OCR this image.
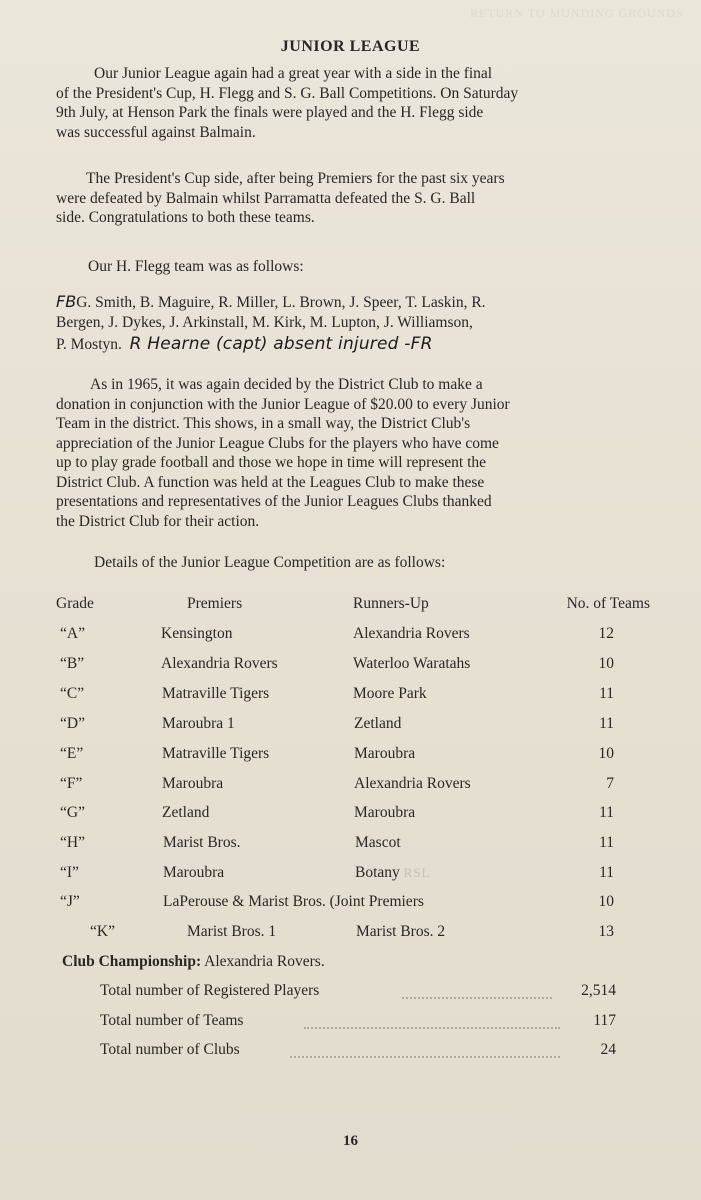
RETURN TO MUNDING GROUNDS
JUNIOR LEAGUE
Our Junior League again had a great year with a side in the final
of the President's Cup, H. Flegg and S. G. Ball Competitions. On Saturday
9th July, at Henson Park the finals were played and the H. Flegg side
was successful against Balmain.
The President's Cup side, after being Premiers for the past six years
were defeated by Balmain whilst Parramatta defeated the S. G. Ball
side. Congratulations to both these teams.
Our H. Flegg team was as follows:
FBG. Smith, B. Maguire, R. Miller, L. Brown, J. Speer, T. Laskin, R.
Bergen, J. Dykes, J. Arkinstall, M. Kirk, M. Lupton, J. Williamson,
P. Mostyn. R Hearne (capt) absent injured -FR
As in 1965, it was again decided by the District Club to make a
donation in conjunction with the Junior League of $20.00 to every Junior
Team in the district. This shows, in a small way, the District Club's
appreciation of the Junior League Clubs for the players who have come
up to play grade football and those we hope in time will represent the
District Club. A function was held at the Leagues Club to make these
presentations and representatives of the Junior Leagues Clubs thanked
the District Club for their action.
Details of the Junior League Competition are as follows:
Grade	Premiers	Runners-Up	No. of Teams
“A”	Kensington	Alexandria Rovers	12
“B”	Alexandria Rovers	Waterloo Waratahs	10
“C”	Matraville Tigers	Moore Park	11
“D”	Maroubra 1	Zetland	11
“E”	Matraville Tigers	Maroubra	10
“F”	Maroubra	Alexandria Rovers	7
“G”	Zetland	Maroubra	11
“H”	Marist Bros.	Mascot	11
“I”	Maroubra	Botany RSL	11
“J”	LaPerouse & Marist Bros. (Joint Premiers	10
“K”	Marist Bros. 1	Marist Bros. 2	13
Club Championship: Alexandria Rovers.
Total number of Registered Players	2,514
Total number of Teams	117
Total number of Clubs	24
16
